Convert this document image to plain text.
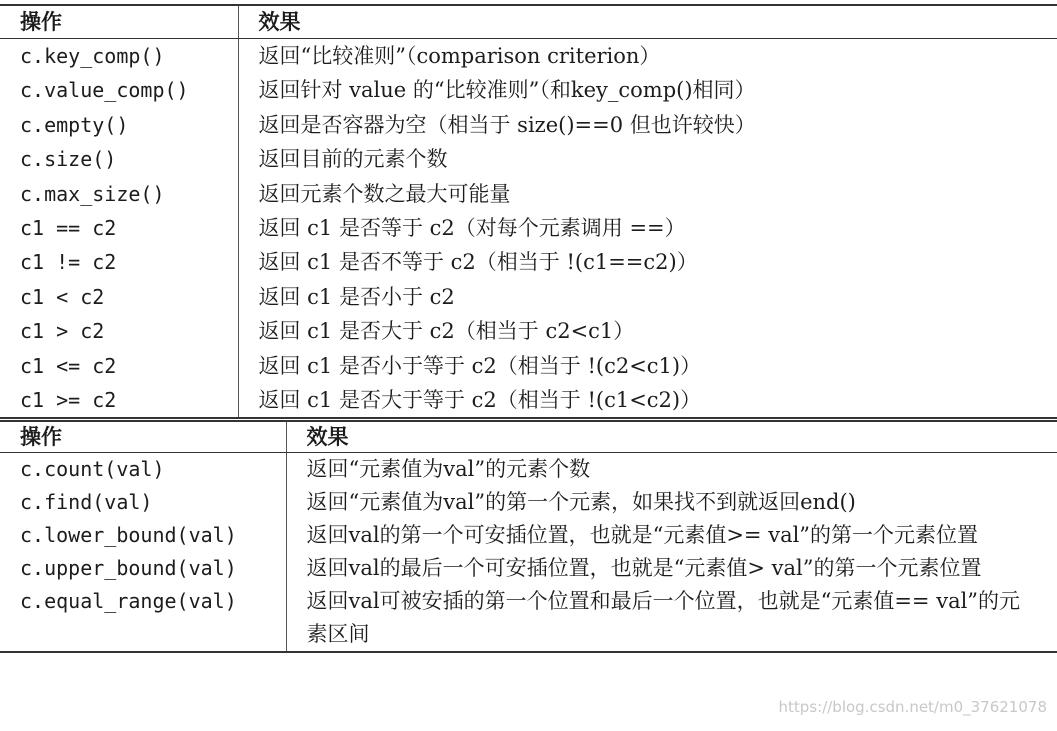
操作	效果
c.key_comp()	返回“比较准则”（comparison criterion）
c.value_comp()	返回针对 value 的“比较准则”（和key_comp()相同）
c.empty()	返回是否容器为空（相当于 size()==0 但也许较快）
c.size()	返回目前的元素个数
c.max_size()	返回元素个数之最大可能量
c1 == c2	返回 c1 是否等于 c2（对每个元素调用 ==）
c1 != c2	返回 c1 是否不等于 c2（相当于 !(c1==c2)）
c1 < c2	返回 c1 是否小于 c2
c1 > c2	返回 c1 是否大于 c2（相当于 c2<c1）
c1 <= c2	返回 c1 是否小于等于 c2（相当于 !(c2<c1)）
c1 >= c2	返回 c1 是否大于等于 c2（相当于 !(c1<c2)）
操作	效果
c.count(val)	返回“元素值为val”的元素个数
c.find(val)	返回“元素值为val”的第一个元素，如果找不到就返回end()
c.lower_bound(val)	返回val的第一个可安插位置，也就是“元素值>= val”的第一个元素位置
c.upper_bound(val)	返回val的最后一个可安插位置，也就是“元素值> val”的第一个元素位置
c.equal_range(val)	返回val可被安插的第一个位置和最后一个位置，也就是“元素值== val”的元素区间
https://blog.csdn.net/m0_37621078
